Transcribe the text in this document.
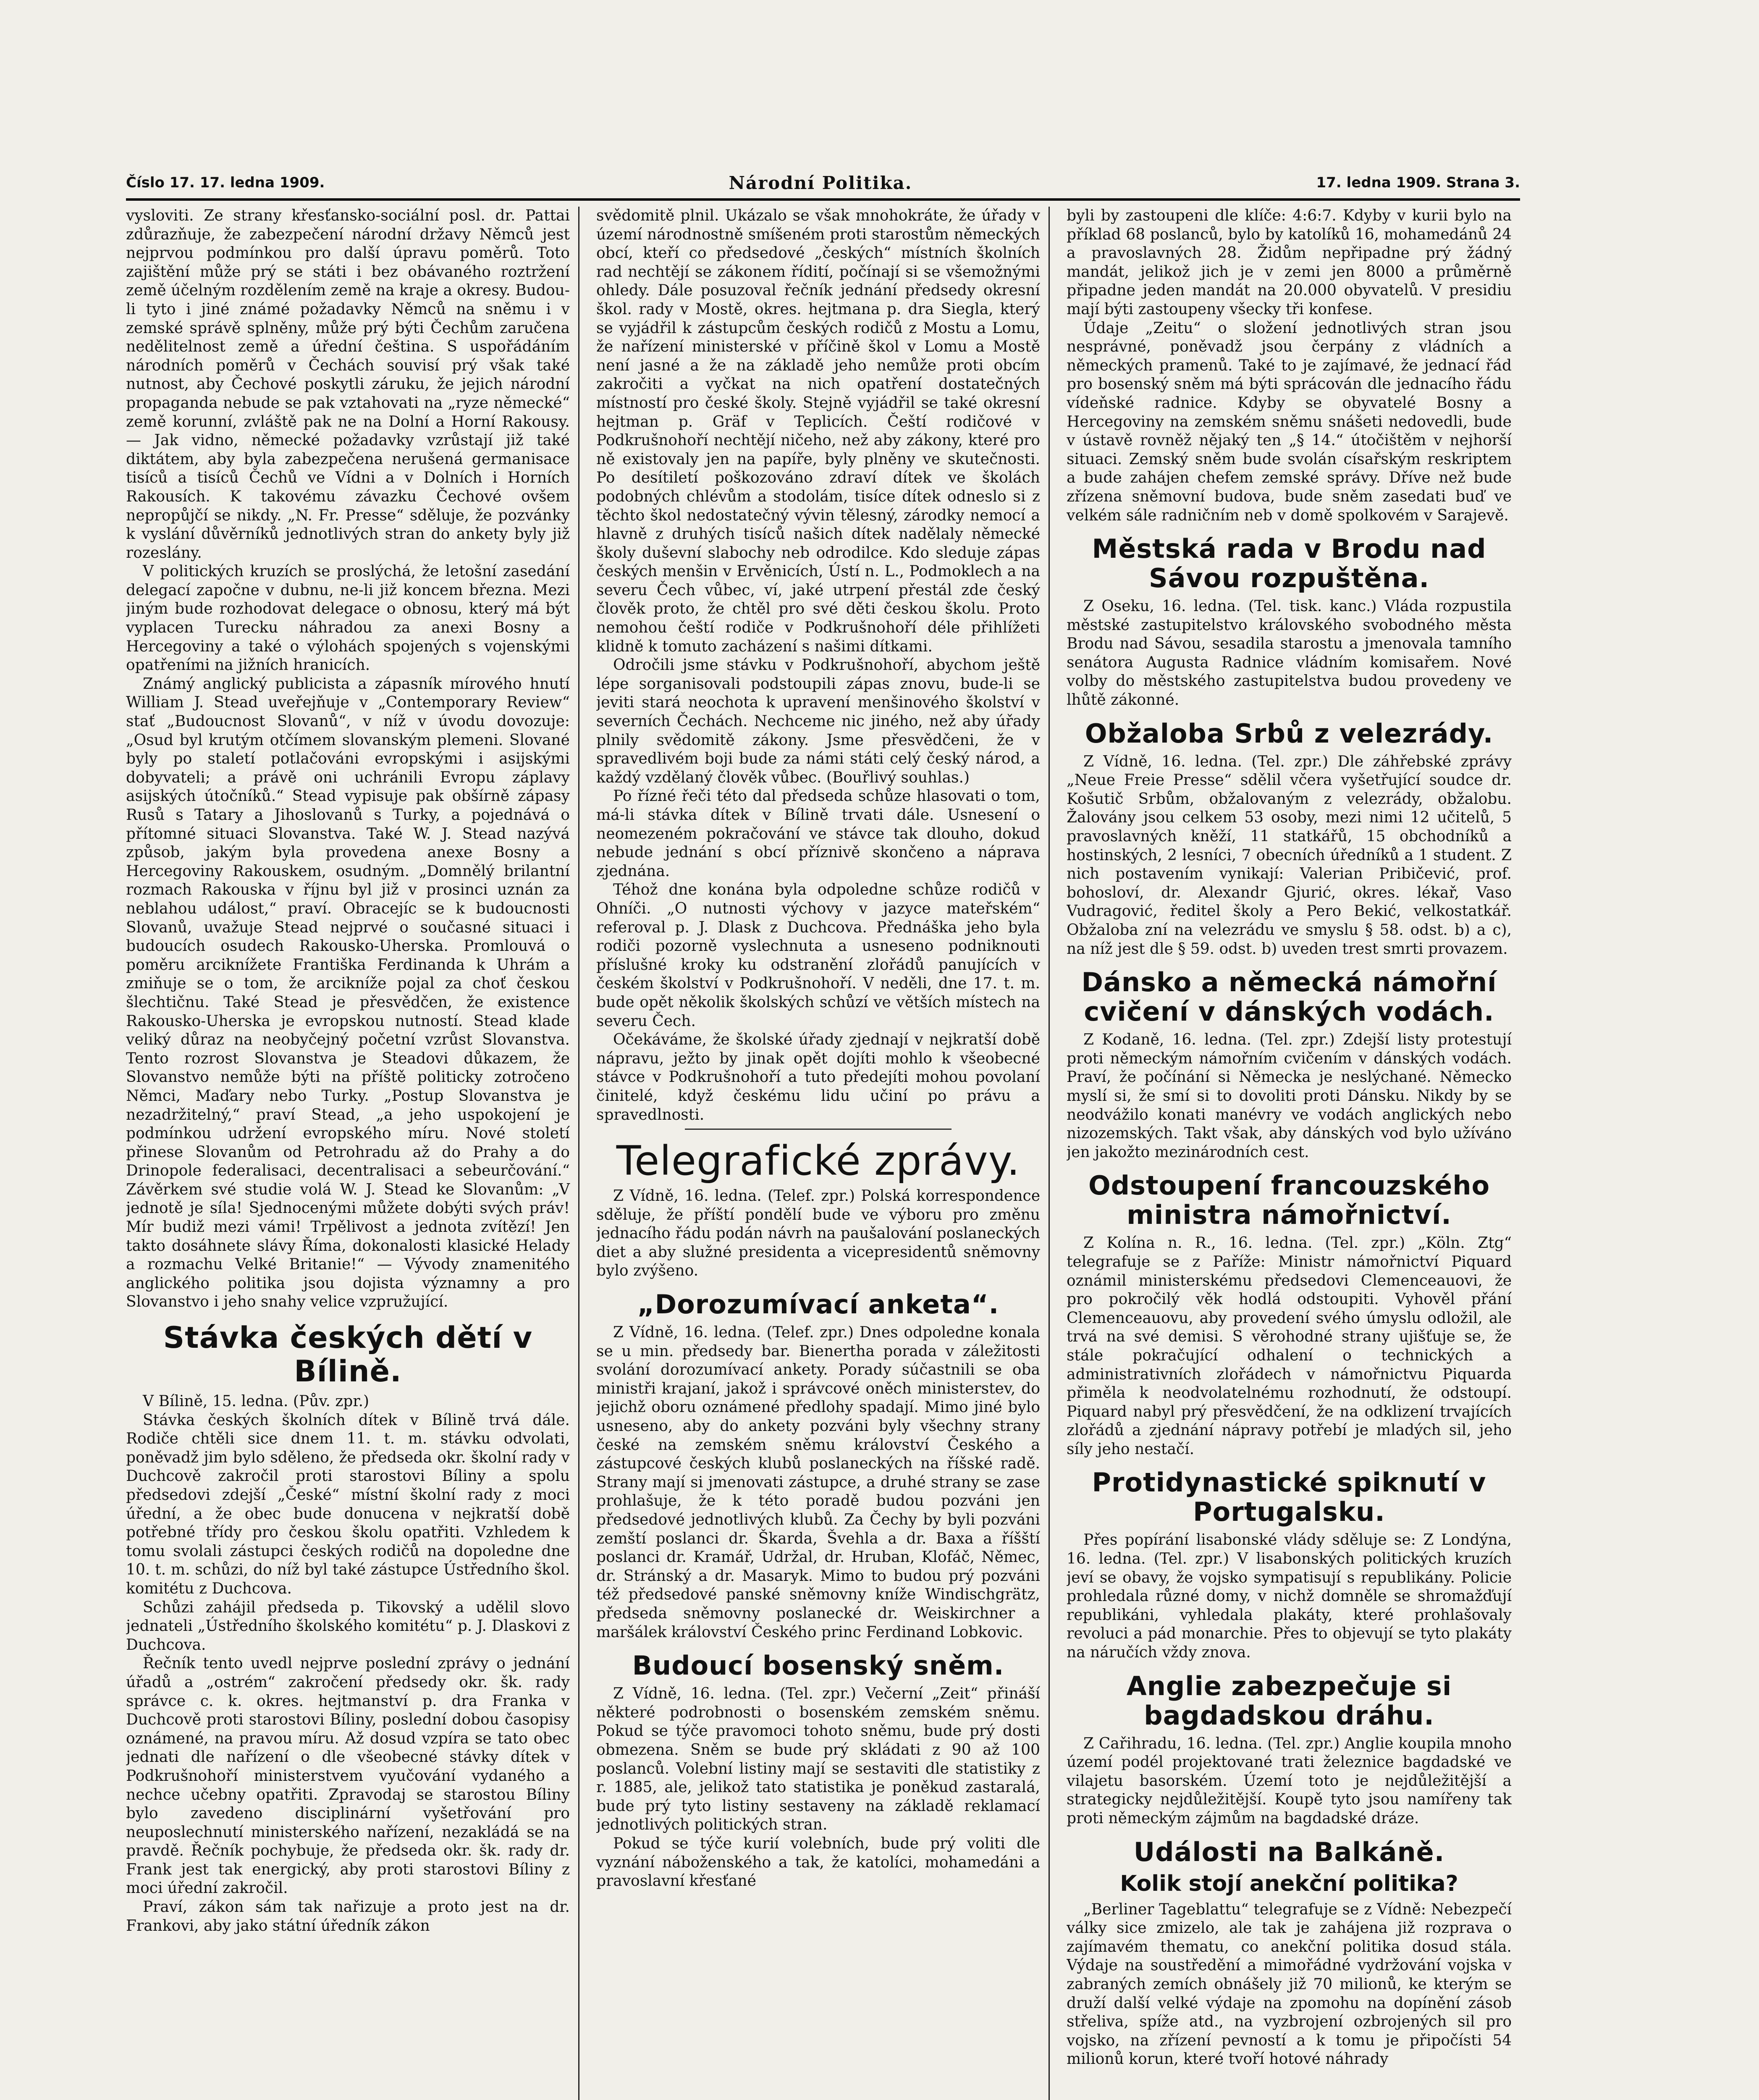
Číslo 17. 17. ledna 1909.	Národní Politika.	17. ledna 1909. Strana 3.

vysloviti. Ze strany křesťansko-sociální posl. dr. Pattai zdůrazňuje, že zabezpečení národní državy Němců jest nejprvou podmínkou pro další úpravu poměrů. Toto zajištění může prý se státi i bez obávaného roztržení země účelným rozdělením země na kraje a okresy. Budou-li tyto i jiné známé požadavky Němců na sněmu i v zemské správě splněny, může prý býti Čechům zaručena nedělitelnost země a úřední čeština. S uspořádáním národních poměrů v Čechách souvisí prý však také nutnost, aby Čechové poskytli záruku, že jejich národní propaganda nebude se pak vztahovati na „ryze německé“ země korunní, zvláště pak ne na Dolní a Horní Rakousy. — Jak vidno, německé požadavky vzrůstají již také diktátem, aby byla zabezpečena nerušená germanisace tisíců a tisíců Čechů ve Vídni a v Dolních i Horních Rakousích. K takovému závazku Čechové ovšem nepropůjčí se nikdy. „N. Fr. Presse“ sděluje, že pozvánky k vyslání důvěrníků jednotlivých stran do ankety byly již rozeslány.

V politických kruzích se proslýchá, že letošní zasedání delegací započne v dubnu, ne-li již koncem března. Mezi jiným bude rozhodovat delegace o obnosu, který má být vyplacen Turecku náhradou za anexi Bosny a Hercegoviny a také o výlohách spojených s vojenskými opatřeními na jižních hranicích.

Známý anglický publicista a zápasník mírového hnutí William J. Stead uveřejňuje v „Contemporary Review“ stať „Budoucnost Slovanů“, v níž v úvodu dovozuje: „Osud byl krutým otčímem slovanským plemeni. Slované byly po staletí potlačováni evropskými i asijskými dobyvateli; a právě oni uchránili Evropu záplavy asijských útočníků.“ Stead vypisuje pak obšírně zápasy Rusů s Tatary a Jihoslovanů s Turky, a pojednává o přítomné situaci Slovanstva. Také W. J. Stead nazývá způsob, jakým byla provedena anexe Bosny a Hercegoviny Rakouskem, osudným. „Domnělý brilantní rozmach Rakouska v říjnu byl již v prosinci uznán za neblahou událost,“ praví. Obracejíc se k budoucnosti Slovanů, uvažuje Stead nejprvé o současné situaci i budoucích osudech Rakousko-Uherska. Promlouvá o poměru arciknížete Františka Ferdinanda k Uhrám a zmiňuje se o tom, že arcikníže pojal za choť českou šlechtičnu. Také Stead je přesvědčen, že existence Rakousko-Uherska je evropskou nutností. Stead klade veliký důraz na neobyčejný početní vzrůst Slovanstva. Tento rozrost Slovanstva je Steadovi důkazem, že Slovanstvo nemůže býti na příště politicky zotročeno Němci, Maďary nebo Turky. „Postup Slovanstva je nezadržitelný,“ praví Stead, „a jeho uspokojení je podmínkou udržení evropského míru. Nové století přinese Slovanům od Petrohradu až do Prahy a do Drinopole federalisaci, decentralisaci a sebeurčování.“ Závěrkem své studie volá W. J. Stead ke Slovanům: „V jednotě je síla! Sjednocenými můžete dobýti svých práv! Mír budiž mezi vámi! Trpělivost a jednota zvítězí! Jen takto dosáhnete slávy Říma, dokonalosti klasické Helady a rozmachu Velké Britanie!“ — Vývody znamenitého anglického politika jsou dojista významny a pro Slovanstvo i jeho snahy velice vzpružující.

Stávka českých dětí v Bílině.

V Bílině, 15. ledna. (Pův. zpr.)

Stávka českých školních dítek v Bílině trvá dále. Rodiče chtěli sice dnem 11. t. m. stávku odvolati, poněvadž jim bylo sděleno, že předseda okr. školní rady v Duchcově zakročil proti starostovi Bíliny a spolu předsedovi zdejší „České“ místní školní rady z moci úřední, a že obec bude donucena v nejkratší době potřebné třídy pro českou školu opatřiti. Vzhledem k tomu svolali zástupci českých rodičů na dopoledne dne 10. t. m. schůzi, do níž byl také zástupce Ústředního škol. komitétu z Duchcova.

Schůzi zahájil předseda p. Tikovský a udělil slovo jednateli „Ústředního školského komitétu“ p. J. Dlaskovi z Duchcova.

Řečník tento uvedl nejprve poslední zprávy o jednání úřadů a „ostrém“ zakročení předsedy okr. šk. rady správce c. k. okres. hejtmanství p. dra Franka v Duchcově proti starostovi Bíliny, poslední dobou časopisy oznámené, na pravou míru. Až dosud vzpíra se tato obec jednati dle nařízení o dle všeobecné stávky dítek v Podkrušnohoří ministerstvem vyučování vydaného a nechce učebny opatřiti. Zpravodaj se starostou Bíliny bylo zavedeno disciplinární vyšetřování pro neuposlechnutí ministerského nařízení, nezakládá se na pravdě. Řečník pochybuje, že předseda okr. šk. rady dr. Frank jest tak energický, aby proti starostovi Bíliny z moci úřední zakročil.

Praví, zákon sám tak nařizuje a proto jest na dr. Frankovi, aby jako státní úředník zákon

svědomitě plnil. Ukázalo se však mnohokráte, že úřady v území národnostně smíšeném proti starostům německých obcí, kteří co předsedové „českých“ místních školních rad nechtějí se zákonem řídití, počínají si se všemožnými ohledy. Dále posuzoval řečník jednání předsedy okresní škol. rady v Mostě, okres. hejtmana p. dra Siegla, který se vyjádřil k zástupcům českých rodičů z Mostu a Lomu, že nařízení ministerské v příčině škol v Lomu a Mostě není jasné a že na základě jeho nemůže proti obcím zakročiti a vyčkat na nich opatření dostatečných místností pro české školy. Stejně vyjádřil se také okresní hejtman p. Gräf v Teplicích. Čeští rodičové v Podkrušnohoří nechtějí ničeho, než aby zákony, které pro ně existovaly jen na papíře, byly plněny ve skutečnosti. Po desítiletí poškozováno zdraví dítek ve školách podobných chlévům a stodolám, tisíce dítek odneslo si z těchto škol nedostatečný vývin tělesný, zárodky nemocí a hlavně z druhých tisíců našich dítek nadělaly německé školy duševní slabochy neb odrodilce. Kdo sleduje zápas českých menšin v Ervěnicích, Ústí n. L., Podmoklech a na severu Čech vůbec, ví, jaké utrpení přestál zde český člověk proto, že chtěl pro své děti českou školu. Proto nemohou čeští rodiče v Podkrušnohoří déle přihlížeti klidně k tomuto zacházení s našimi dítkami.

Odročili jsme stávku v Podkrušnohoří, abychom ještě lépe sorganisovali podstoupili zápas znovu, bude-li se jeviti stará neochota k upravení menšinového školství v severních Čechách. Nechceme nic jiného, než aby úřady plnily svědomitě zákony. Jsme přesvědčeni, že v spravedlivém boji bude za námi státi celý český národ, a každý vzdělaný člověk vůbec. (Bouřlivý souhlas.)

Po řízné řeči této dal předseda schůze hlasovati o tom, má-li stávka dítek v Bílině trvati dále. Usnesení o neomezeném pokračování ve stávce tak dlouho, dokud nebude jednání s obcí příznivě skončeno a náprava zjednána.

Téhož dne konána byla odpoledne schůze rodičů v Ohníči. „O nutnosti výchovy v jazyce mateřském“ referoval p. J. Dlask z Duchcova. Přednáška jeho byla rodiči pozorně vyslechnuta a usneseno podniknouti příslušné kroky ku odstranění zlořádů panujících v českém školství v Podkrušnohoří. V neděli, dne 17. t. m. bude opět několik školských schůzí ve větších místech na severu Čech.

Očekáváme, že školské úřady zjednají v nejkratší době nápravu, ježto by jinak opět dojíti mohlo k všeobecné stávce v Podkrušnohoří a tuto předejíti mohou povolaní činitelé, když českému lidu učiní po právu a spravedlnosti.

Telegrafické zprávy.

Z Vídně, 16. ledna. (Telef. zpr.) Polská korrespondence sděluje, že příští pondělí bude ve výboru pro změnu jednacího řádu podán návrh na paušalování poslaneckých diet a aby služné presidenta a vicepresidentů sněmovny bylo zvýšeno.

„Dorozumívací anketa“.

Z Vídně, 16. ledna. (Telef. zpr.) Dnes odpoledne konala se u min. předsedy bar. Bienertha porada v záležitosti svolání dorozumívací ankety. Porady súčastnili se oba ministři krajaní, jakož i správcové oněch ministerstev, do jejichž oboru oznámené předlohy spadají. Mimo jiné bylo usneseno, aby do ankety pozváni byly všechny strany české na zemském sněmu království Českého a zástupcové českých klubů poslaneckých na říšské radě. Strany mají si jmenovati zástupce, a druhé strany se zase prohlašuje, že k této poradě budou pozváni jen předsedové jednotlivých klubů. Za Čechy by byli pozváni zemští poslanci dr. Škarda, Švehla a dr. Baxa a říšští poslanci dr. Kramář, Udržal, dr. Hruban, Klofáč, Němec, dr. Stránský a dr. Masaryk. Mimo to budou prý pozváni též předsedové panské sněmovny kníže Windischgrätz, předseda sněmovny poslanecké dr. Weiskirchner a maršálek království Českého princ Ferdinand Lobkovic.

Budoucí bosenský sněm.

Z Vídně, 16. ledna. (Tel. zpr.) Večerní „Zeit“ přináší některé podrobnosti o bosenském zemském sněmu. Pokud se týče pravomoci tohoto sněmu, bude prý dosti obmezena. Sněm se bude prý skládati z 90 až 100 poslanců. Volební listiny mají se sestaviti dle statistiky z r. 1885, ale, jelikož tato statistika je poněkud zastaralá, bude prý tyto listiny sestaveny na základě reklamací jednotlivých politických stran.

Pokud se týče kurií volebních, bude prý voliti dle vyznání náboženského a tak, že katolíci, mohamedáni a pravoslavní křesťané

byli by zastoupeni dle klíče: 4:6:7. Kdyby v kurii bylo na příklad 68 poslanců, bylo by katolíků 16, mohamedánů 24 a pravoslavných 28. Židům nepřipadne prý žádný mandát, jelikož jich je v zemi jen 8000 a průměrně připadne jeden mandát na 20.000 obyvatelů. V presidiu mají býti zastoupeny všecky tři konfese.

Údaje „Zeitu“ o složení jednotlivých stran jsou nesprávné, poněvadž jsou čerpány z vládních a německých pramenů. Také to je zajímavé, že jednací řád pro bosenský sněm má býti sprácován dle jednacího řádu vídeňské radnice. Kdyby se obyvatelé Bosny a Hercegoviny na zemském sněmu snášeti nedovedli, bude v ústavě rovněž nějaký ten „§ 14.“ útočištěm v nejhorší situaci. Zemský sněm bude svolán císařským reskriptem a bude zahájen chefem zemské správy. Dříve než bude zřízena sněmovní budova, bude sněm zasedati buď ve velkém sále radničním neb v domě spolkovém v Sarajevě.

Městská rada v Brodu nad Sávou rozpuštěna.

Z Oseku, 16. ledna. (Tel. tisk. kanc.) Vláda rozpustila městské zastupitelstvo královského svobodného města Brodu nad Sávou, sesadila starostu a jmenovala tamního senátora Augusta Radnice vládním komisařem. Nové volby do městského zastupitelstva budou provedeny ve lhůtě zákonné.

Obžaloba Srbů z velezrády.

Z Vídně, 16. ledna. (Tel. zpr.) Dle záhřebské zprávy „Neue Freie Presse“ sdělil včera vyšetřující soudce dr. Košutič Srbům, obžalovaným z velezrády, obžalobu. Žalovány jsou celkem 53 osoby, mezi nimi 12 učitelů, 5 pravoslavných kněží, 11 statkářů, 15 obchodníků a hostinských, 2 lesníci, 7 obecních úředníků a 1 student. Z nich postavením vynikají: Valerian Pribičević, prof. bohosloví, dr. Alexandr Gjurić, okres. lékař, Vaso Vudragović, ředitel školy a Pero Bekić, velkostatkář. Obžaloba zní na velezrádu ve smyslu § 58. odst. b) a c), na níž jest dle § 59. odst. b) uveden trest smrti provazem.

Dánsko a německá námořní cvičení v dánských vodách.

Z Kodaně, 16. ledna. (Tel. zpr.) Zdejší listy protestují proti německým námořním cvičením v dánských vodách. Praví, že počínání si Německa je neslýchané. Německo myslí si, že smí si to dovoliti proti Dánsku. Nikdy by se neodvážilo konati manévry ve vodách anglických nebo nizozemských. Takt však, aby dánských vod bylo užíváno jen jakožto mezinárodních cest.

Odstoupení francouzského ministra námořnictví.

Z Kolína n. R., 16. ledna. (Tel. zpr.) „Köln. Ztg“ telegrafuje se z Paříže: Ministr námořnictví Piquard oznámil ministerskému předsedovi Clemenceauovi, že pro pokročilý věk hodlá odstoupiti. Vyhověl přání Clemenceauovu, aby provedení svého úmyslu odložil, ale trvá na své demisi. S věrohodné strany ujišťuje se, že stále pokračující odhalení o technických a administrativních zlořádech v námořnictvu Piquarda přiměla k neodvolatelnému rozhodnutí, že odstoupí. Piquard nabyl prý přesvědčení, že na odklizení trvajících zlořádů a zjednání nápravy potřebí je mladých sil, jeho síly jeho nestačí.

Protidynastické spiknutí v Portugalsku.

Přes popírání lisabonské vlády sděluje se: Z Londýna, 16. ledna. (Tel. zpr.) V lisabonských politických kruzích jeví se obavy, že vojsko sympatisují s republikány. Policie prohledala různé domy, v nichž domněle se shromažďují republikáni, vyhledala plakáty, které prohlašovaly revoluci a pád monarchie. Přes to objevují se tyto plakáty na náručích vždy znova.

Anglie zabezpečuje si bagdadskou dráhu.

Z Cařihradu, 16. ledna. (Tel. zpr.) Anglie koupila mnoho území podél projektované trati železnice bagdadské ve vilajetu basorském. Území toto je nejdůležitější a strategicky nejdůležitější. Koupě tyto jsou namířeny tak proti německým zájmům na bagdadské dráze.

Události na Balkáně.
Kolik stojí anekční politika?

„Berliner Tageblattu“ telegrafuje se z Vídně: Nebezpečí války sice zmizelo, ale tak je zahájena již rozprava o zajímavém thematu, co anekční politika dosud stála. Výdaje na soustředění a mimořádné vydržování vojska v zabraných zemích obnášely již 70 milionů, ke kterým se druží další velké výdaje na zpomohu na dopínění zásob střeliva, spíže atd., na vyzbrojení ozbrojených sil pro vojsko, na zřízení pevností a k tomu je připočísti 54 milionů korun, které tvoří hotové náhrady
